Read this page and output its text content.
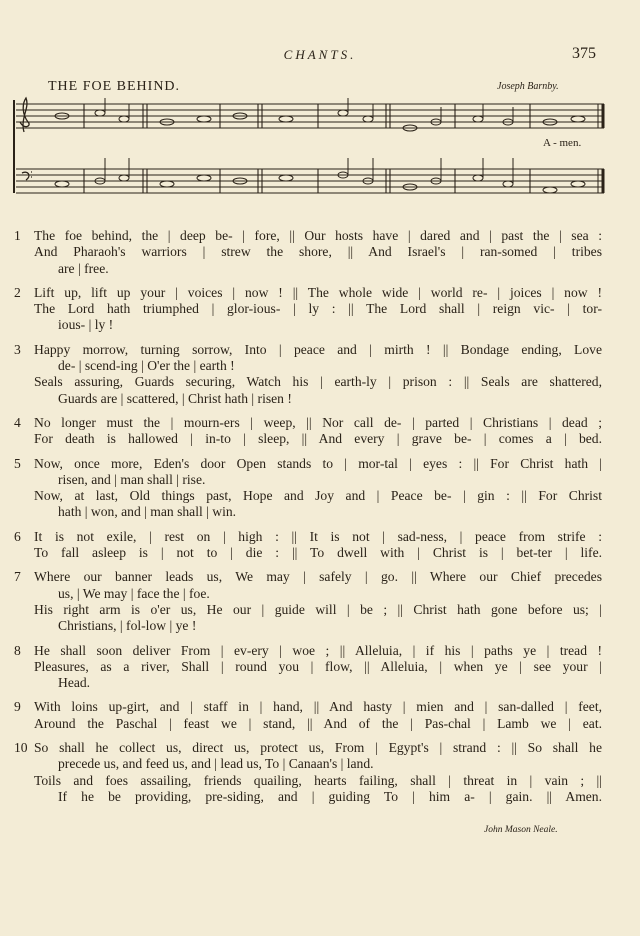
CHANTS.	375
THE FOE BEHIND.	Joseph Barnby.
A - men.
1 The foe behind, the | deep be- | fore, || Our hosts have | dared and | past the | sea :
And Pharaoh's warriors | strew the shore, || And Israel's | ran-somed | tribes
are | free.
2 Lift up, lift up your | voices | now ! || The whole wide | world re- | joices | now !
The Lord hath triumphed | glor-ious- | ly : || The Lord shall | reign vic- | tor-
ious- | ly !
3 Happy morrow, turning sorrow, Into | peace and | mirth ! || Bondage ending, Love
de- | scend-ing | O'er the | earth !
Seals assuring, Guards securing, Watch his | earth-ly | prison : || Seals are shattered,
Guards are | scattered, | Christ hath | risen !
4 No longer must the | mourn-ers | weep, || Nor call de- | parted | Christians | dead ;
For death is hallowed | in-to | sleep, || And every | grave be- | comes a | bed.
5 Now, once more, Eden's door Open stands to | mor-tal | eyes : || For Christ hath |
risen, and | man shall | rise.
Now, at last, Old things past, Hope and Joy and | Peace be- | gin : || For Christ
hath | won, and | man shall | win.
6 It is not exile, | rest on | high : || It is not | sad-ness, | peace from strife :
To fall asleep is | not to | die : || To dwell with | Christ is | bet-ter | life.
7 Where our banner leads us, We may | safely | go. || Where our Chief precedes
us, | We may | face the | foe.
His right arm is o'er us, He our | guide will | be ; || Christ hath gone before us; |
Christians, | fol-low | ye !
8 He shall soon deliver From | ev-ery | woe ; || Alleluia, | if his | paths ye | tread !
Pleasures, as a river, Shall | round you | flow, || Alleluia, | when ye | see your |
Head.
9 With loins up-girt, and | staff in | hand, || And hasty | mien and | san-dalled | feet,
Around the Paschal | feast we | stand, || And of the | Pas-chal | Lamb we | eat.
10 So shall he collect us, direct us, protect us, From | Egypt's | strand : || So shall he
precede us, and feed us, and | lead us, To | Canaan's | land.
Toils and foes assailing, friends quailing, hearts failing, shall | threat in | vain ; ||
If he be providing, pre-siding, and | guiding To | him a- | gain. || Amen.
John Mason Neale.
